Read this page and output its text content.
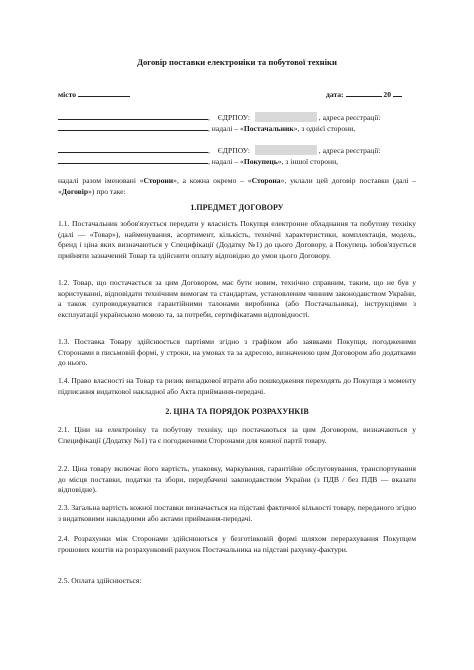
Договір поставки електроніки та побутової техніки
місто	дата:	20
, ЄДРПОУ:	, адреса реєстрації:
, надалі – «Постачальник», з однієї сторони,
, ЄДРПОУ:	, адреса реєстрації:
, надалі – «Покупець», з іншої сторони,

надалі разом іменовані «Сторони», а кожна окремо – «Сторона», уклали цей договір поставки (далі – «Договір») про таке:

1.ПРЕДМЕТ ДОГОВОРУ

1.1. Постачальник зобов'язується передати у власність Покупця електронне обладнання та побутову техніку (далі — «Товар»), найменування, асортимент, кількість, технічні характеристики, комплектація, модель, бренд і ціна яких визначаються у Специфікації (Додатку №1) до цього Договору, а Покупець зобов'язується прийняти зазначений Товар та здійснити оплату відповідно до умов цього Договору.

1.2. Товар, що постачається за цим Договором, має бути новим, технічно справним, таким, що не був у користуванні, відповідати технічним вимогам та стандартам, установленим чинним законодавством України, а також супроводжуватися гарантійними талонами виробника (або Постачальника), інструкціями з експлуатації українською мовою та, за потреби, сертифікатами відповідності.

1.3. Поставка Товару здійснюється партіями згідно з графіком або заявками Покупця, погодженими Сторонами в письмовій формі, у строки, на умовах та за адресою, визначеною цим Договором або додатками до нього.

1.4. Право власності на Товар та ризик випадкової втрати або пошкодження переходять до Покупця з моменту підписання видаткової накладної або Акта приймання-передачі.

2. ЦІНА ТА ПОРЯДОК РОЗРАХУНКІВ

2.1. Ціни на електроніку та побутову техніку, що постачаються за цим Договором, визначаються у Специфікації (Додатку №1) та є погодженими Сторонами для кожної партії товару.

2.2. Ціна товару включає його вартість, упаковку, маркування, гарантійне обслуговування, транспортування до місця поставки, податки та збори, передбачені законодавством України (з ПДВ / без ПДВ — вказати відповідне).

2.3. Загальна вартість кожної поставки визначається на підставі фактичної кількості товару, переданого згідно з видатковими накладними або актами приймання-передачі.

2.4. Розрахунки між Сторонами здійснюються у безготівковій формі шляхом перерахування Покупцем грошових коштів на розрахунковий рахунок Постачальника на підставі рахунку-фактури.

2.5. Оплата здійснюється:
